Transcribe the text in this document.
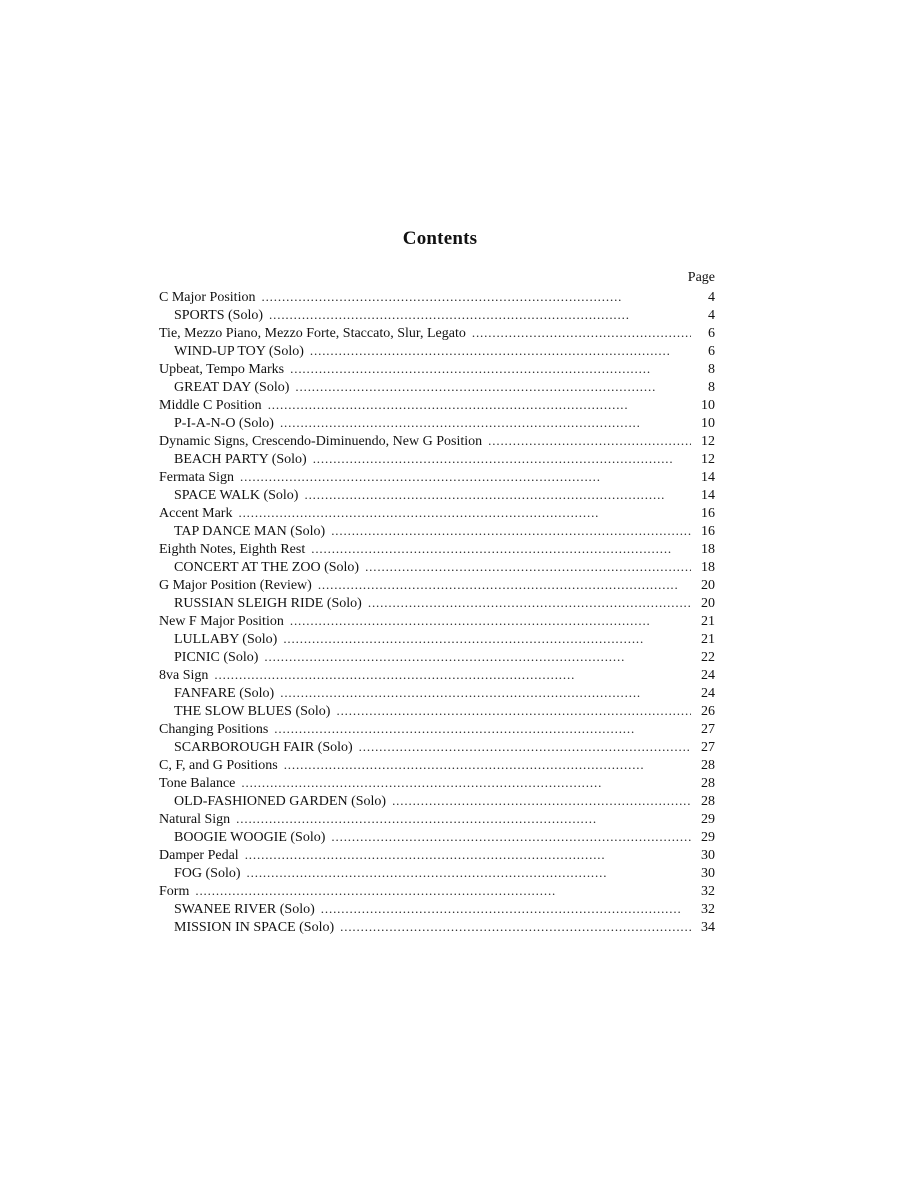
Contents
Page
C Major Position . . .	4
SPORTS (Solo) . . .	4
Tie, Mezzo Piano, Mezzo Forte, Staccato, Slur, Legato . . .	6
WIND-UP TOY (Solo) . . .	6
Upbeat, Tempo Marks . . .	8
GREAT DAY (Solo) . . .	8
Middle C Position . . .	10
P-I-A-N-O (Solo) . . .	10
Dynamic Signs, Crescendo-Diminuendo, New G Position . . .	12
BEACH PARTY (Solo) . . .	12
Fermata Sign . . .	14
SPACE WALK (Solo) . . .	14
Accent Mark . . .	16
TAP DANCE MAN (Solo) . . .	16
Eighth Notes, Eighth Rest . . .	18
CONCERT AT THE ZOO (Solo) . . .	18
G Major Position (Review) . . .	20
RUSSIAN SLEIGH RIDE (Solo) . . .	20
New F Major Position . . .	21
LULLABY (Solo) . . .	21
PICNIC (Solo) . . .	22
8va Sign . . .	24
FANFARE (Solo) . . .	24
THE SLOW BLUES (Solo) . . .	26
Changing Positions . . .	27
SCARBOROUGH FAIR (Solo) . . .	27
C, F, and G Positions . . .	28
Tone Balance . . .	28
OLD-FASHIONED GARDEN (Solo) . . .	28
Natural Sign . . .	29
BOOGIE WOOGIE (Solo) . . .	29
Damper Pedal . . .	30
FOG (Solo) . . .	30
Form . . .	32
SWANEE RIVER (Solo) . . .	32
MISSION IN SPACE (Solo) . . .	34
